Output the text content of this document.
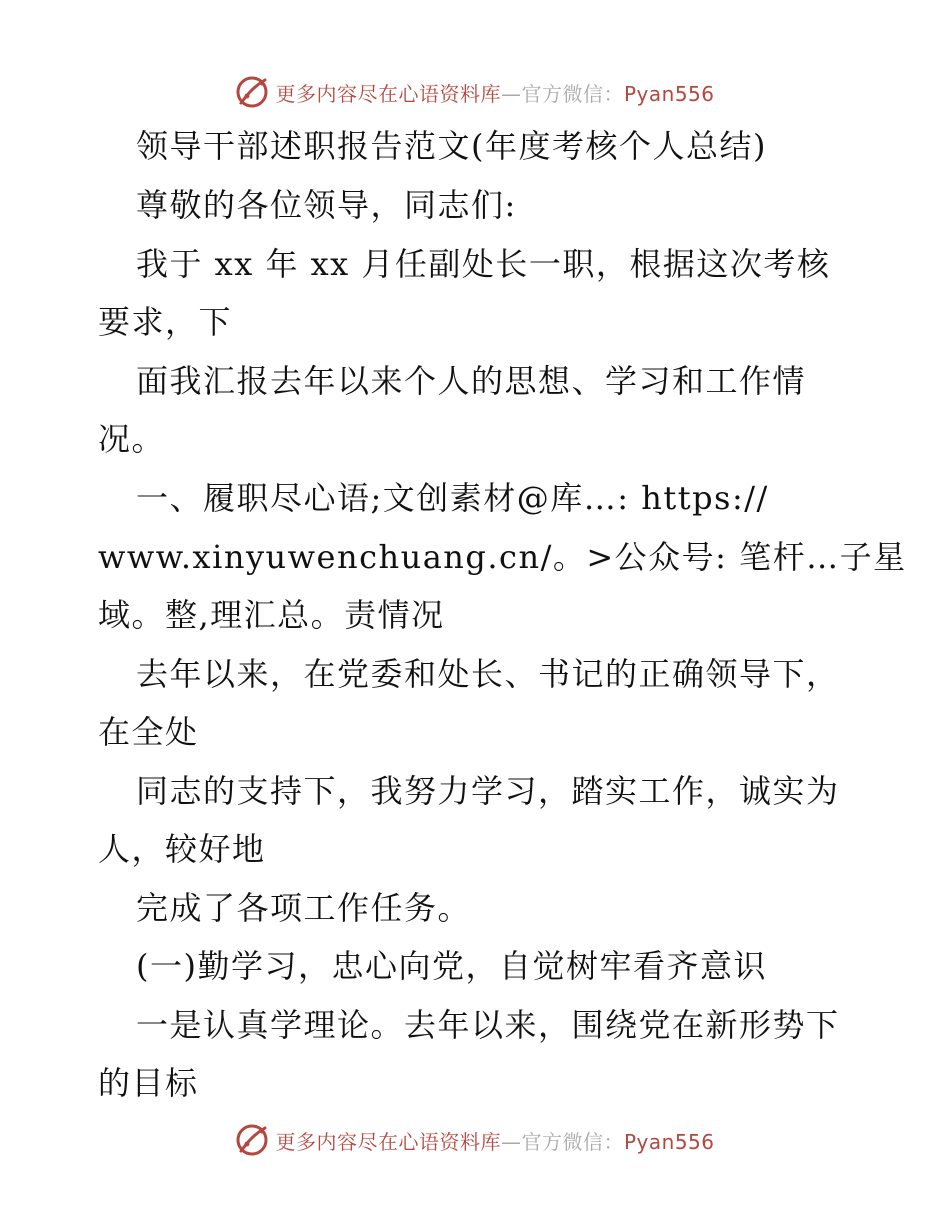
更多内容尽在心语资料库—官方微信：Pyan556
领导干部述职报告范文(年度考核个人总结)
尊敬的各位领导，同志们:
我于 xx 年 xx 月任副处长一职，根据这次考核
要求，下
面我汇报去年以来个人的思想、学习和工作情
况。
一、履职尽心语;文创素材@库…: https://
www.xinyuwenchuang.cn/。>公众号: 笔杆…子星
域。整,理汇总。责情况
去年以来，在党委和处长、书记的正确领导下，
在全处
同志的支持下，我努力学习，踏实工作，诚实为
人，较好地
完成了各项工作任务。
(一)勤学习，忠心向党，自觉树牢看齐意识
一是认真学理论。去年以来，围绕党在新形势下
的目标
更多内容尽在心语资料库—官方微信：Pyan556
